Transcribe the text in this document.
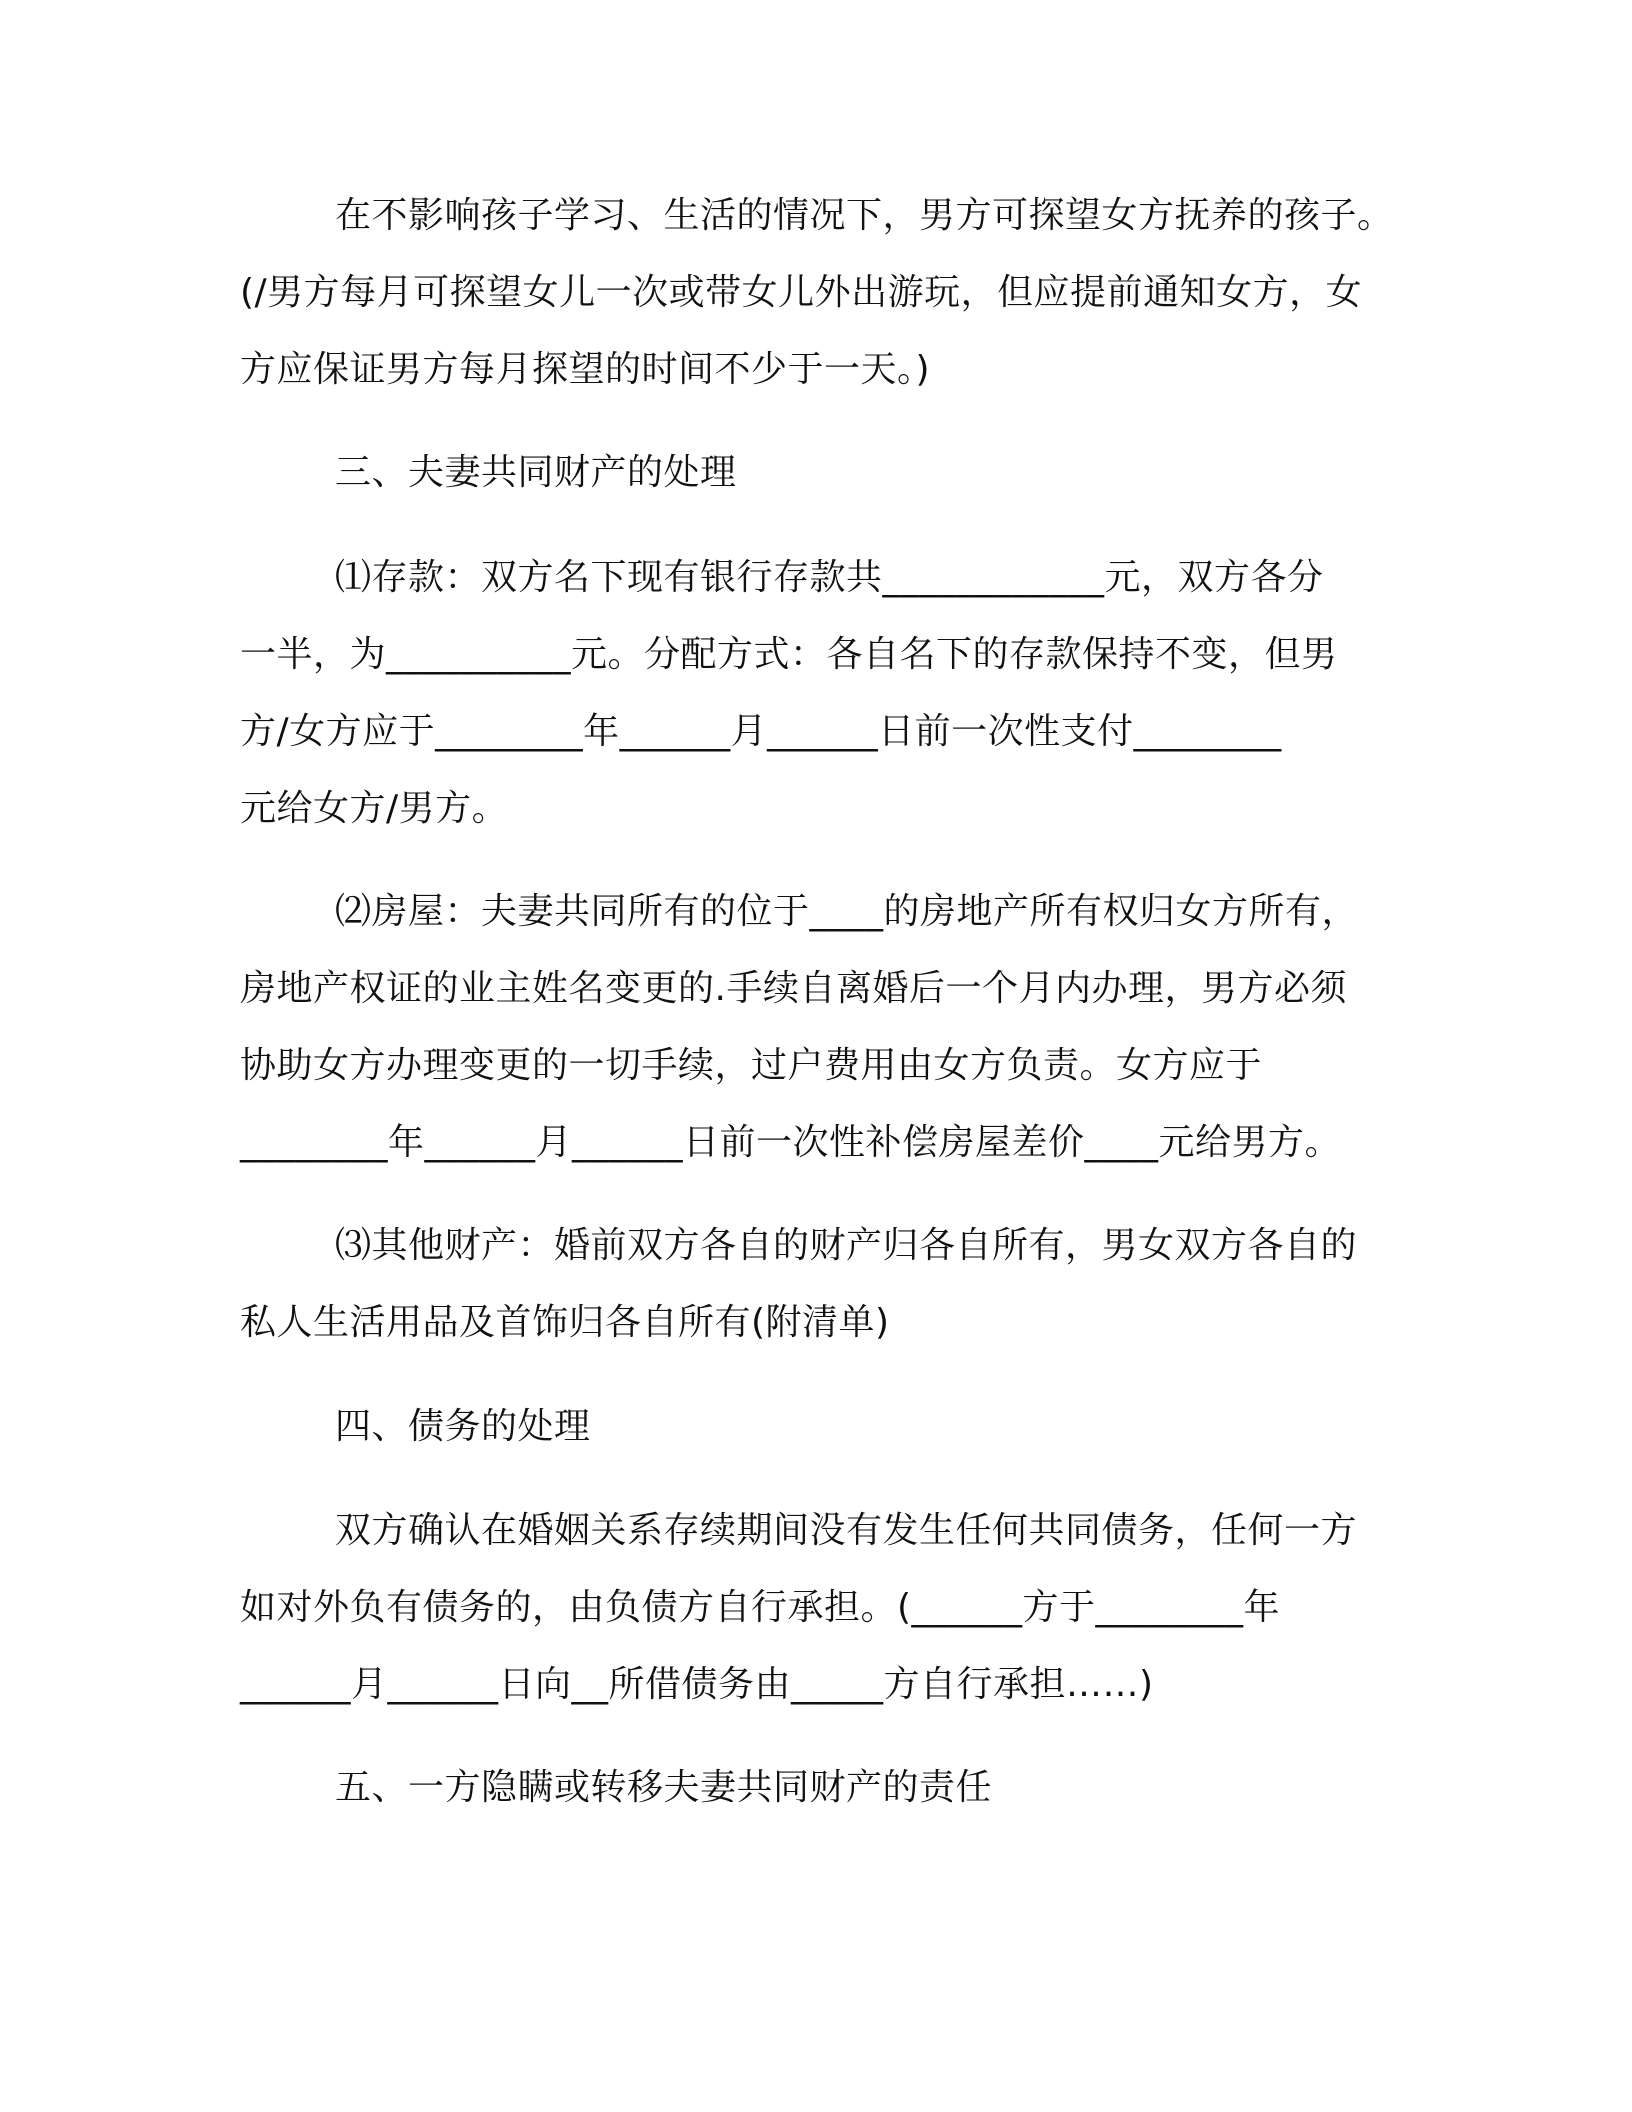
在不影响孩子学习、生活的情况下，男方可探望女方抚养的孩子。
(/男方每月可探望女儿一次或带女儿外出游玩，但应提前通知女方，女
方应保证男方每月探望的时间不少于一天。)
三、夫妻共同财产的处理
⑴存款：双方名下现有银行存款共____________元，双方各分
一半，为__________元。分配方式：各自名下的存款保持不变，但男
方/女方应于________年______月______日前一次性支付________
元给女方/男方。
⑵房屋：夫妻共同所有的位于____的房地产所有权归女方所有，
房地产权证的业主姓名变更的.手续自离婚后一个月内办理，男方必须
协助女方办理变更的一切手续，过户费用由女方负责。女方应于
________年______月______日前一次性补偿房屋差价____元给男方。
⑶其他财产：婚前双方各自的财产归各自所有，男女双方各自的
私人生活用品及首饰归各自所有(附清单)
四、债务的处理
双方确认在婚姻关系存续期间没有发生任何共同债务，任何一方
如对外负有债务的，由负债方自行承担。(______方于________年
______月______日向__所借债务由_____方自行承担……)
五、一方隐瞒或转移夫妻共同财产的责任
